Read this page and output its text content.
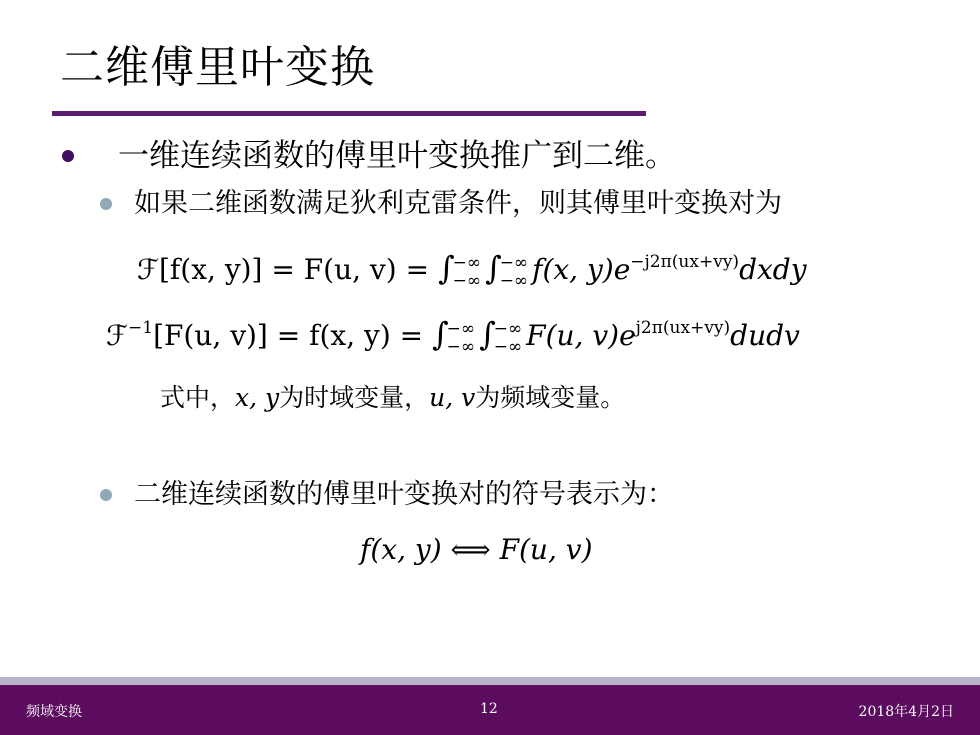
二维傅里叶变换
一维连续函数的傅里叶变换推广到二维。
如果二维函数满足狄利克雷条件，则其傅里叶变换对为
ℱ[f(x, y)] = F(u, v) = ∫
−∞
−∞ ∫
−∞
−∞ f(x, $y)e^{-j2\pi(ux+vy)}dxdy$
ℱ$^{-1}$[F(u, v)] = f(x, y) = ∫
−∞
−∞ ∫
−∞
−∞ F(u, $v)e^{j2\pi(ux+vy)}dudv$
式中，x, y为时域变量，u, v为频域变量。
二维连续函数的傅里叶变换对的符号表示为：
f(x, y) ⟺ F(u, v)
频域变换	12	2018年4月2日
